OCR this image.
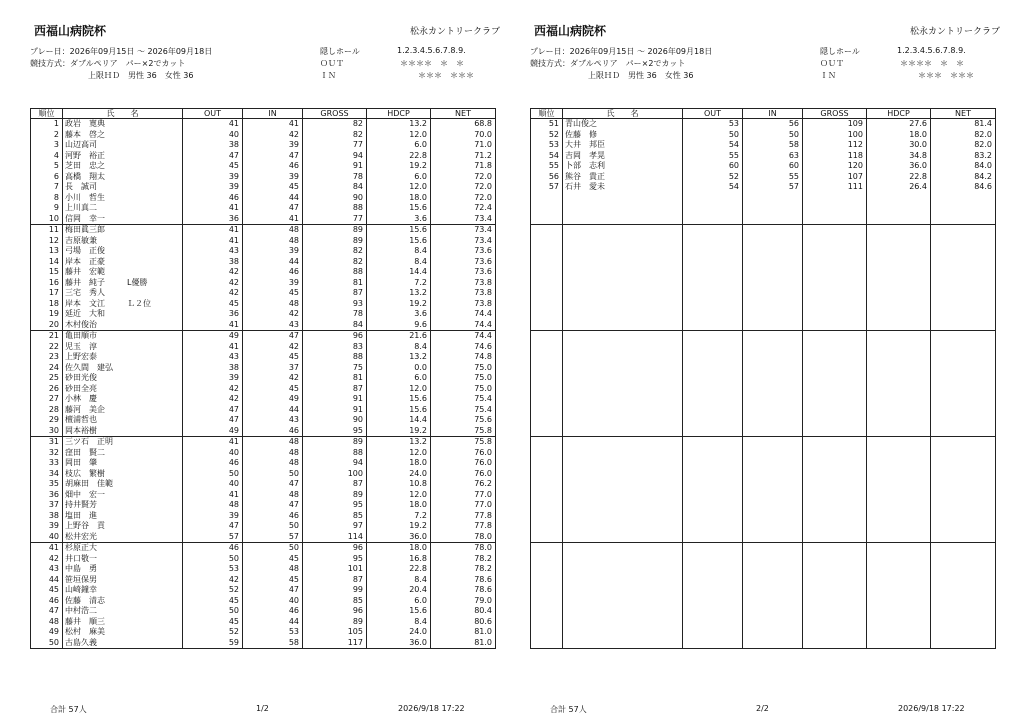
西福山病院杯	松永カントリークラブ
プレー日：2026年09月15日 ～ 2026年09月18日
競技方式：ダブルペリア　パー×2でカット
上限ＨＤ　男性 36　女性 36
隠しホール	1.2.3.4.5.6.7.8.9.
ＯＵＴ	＊＊＊＊　＊　＊
ＩＮ	＊＊＊　＊＊＊
順位	氏　　名	OUT	IN	GROSS	HDCP	NET
1	政岩　寛典	41	41	82	13.2	68.8
2	藤本　啓之	40	42	82	12.0	70.0
3	山辺高司	38	39	77	6.0	71.0
4	河野　裕正	47	47	94	22.8	71.2
5	芝田　忠之	45	46	91	19.2	71.8
6	高橋　翔太	39	39	78	6.0	72.0
7	長　誠司	39	45	84	12.0	72.0
8	小川　哲生	46	44	90	18.0	72.0
9	上川真二	41	47	88	15.6	72.4
10	信岡　幸一	36	41	77	3.6	73.4
11	梅田眞三郎	41	48	89	15.6	73.4
12	吉原敏兼	41	48	89	15.6	73.4
13	弓場　正俊	43	39	82	8.4	73.6
14	岸本　正豪	38	44	82	8.4	73.6
15	藤井　宏範	42	46	88	14.4	73.6
16	藤井　純子 L優勝	42	39	81	7.2	73.8
17	三宅　秀人	42	45	87	13.2	73.8
18	岸本　文江 Ｌ２位	45	48	93	19.2	73.8
19	延近　大和	36	42	78	3.6	74.4
20	木村俊治	41	43	84	9.6	74.4
21	亀田順市	49	47	96	21.6	74.4
22	児玉　淳	41	42	83	8.4	74.6
23	上野宏泰	43	45	88	13.2	74.8
24	佐久間　建弘	38	37	75	0.0	75.0
25	砂田光俊	39	42	81	6.0	75.0
26	砂田全亮	42	45	87	12.0	75.0
27	小林　慶	42	49	91	15.6	75.4
28	藤河　美企	47	44	91	15.6	75.4
29	檀浦哲也	47	43	90	14.4	75.6
30	岡本裕樹	49	46	95	19.2	75.8
31	三ツ石　正明	41	48	89	13.2	75.8
32	窪田　賢二	40	48	88	12.0	76.0
33	岡田　肇	46	48	94	18.0	76.0
34	枝広　繁樹	50	50	100	24.0	76.0
35	胡麻田　佳範	40	47	87	10.8	76.2
36	畑中　宏一	41	48	89	12.0	77.0
37	持井賢芳	48	47	95	18.0	77.0
38	塩田　進	39	46	85	7.2	77.8
39	上野谷　貢	47	50	97	19.2	77.8
40	松井宏光	57	57	114	36.0	78.0
41	杉原正大	46	50	96	18.0	78.0
42	井口敬一	50	45	95	16.8	78.2
43	中島　勇	53	48	101	22.8	78.2
44	笹垣保男	42	45	87	8.4	78.6
45	山崎鐘幸	52	47	99	20.4	78.6
46	佐藤　清志	45	40	85	6.0	79.0
47	中村浩二	50	46	96	15.6	80.4
48	藤井　順三	45	44	89	8.4	80.6
49	松村　麻美	52	53	105	24.0	81.0
50	古島久義	59	58	117	36.0	81.0
合計 57人	1/2	2026/9/18 17:22
西福山病院杯	松永カントリークラブ
プレー日：2026年09月15日 ～ 2026年09月18日
競技方式：ダブルペリア　パー×2でカット
上限ＨＤ　男性 36　女性 36
隠しホール	1.2.3.4.5.6.7.8.9.
ＯＵＴ	＊＊＊＊　＊　＊
ＩＮ	＊＊＊　＊＊＊
順位	氏　　名	OUT	IN	GROSS	HDCP	NET
51	青山俊之	53	56	109	27.6	81.4
52	佐藤　修	50	50	100	18.0	82.0
53	大井　邦臣	54	58	112	30.0	82.0
54	吉岡　孝晃	55	63	118	34.8	83.2
55	卜部　志利	60	60	120	36.0	84.0
56	熊谷　貴正	52	55	107	22.8	84.2
57	石井　愛未	54	57	111	26.4	84.6

合計 57人	2/2	2026/9/18 17:22
